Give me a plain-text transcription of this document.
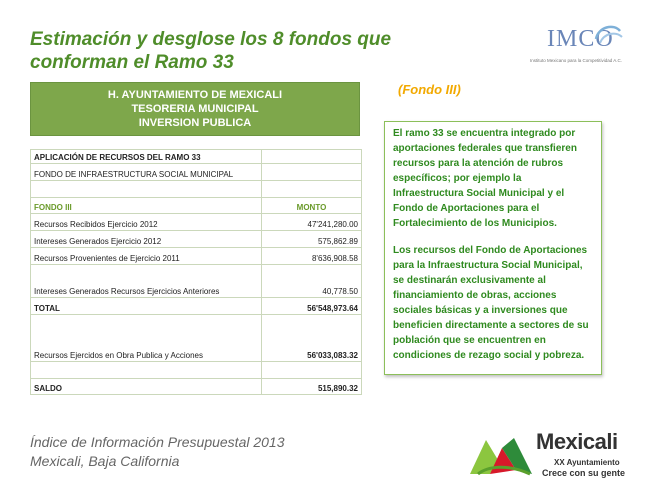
Estimación y desglose los 8 fondos que conforman el Ramo 33
IMCO
Instituto Mexicano para la Competitividad A.C.
H. AYUNTAMIENTO DE MEXICALI
TESORERIA MUNICIPAL
INVERSION PUBLICA
(Fondo III)
APLICACIÓN DE RECURSOS DEL RAMO 33	
FONDO DE INFRAESTRUCTURA SOCIAL MUNICIPAL	

FONDO III	MONTO
Recursos Recibidos Ejercicio 2012	47'241,280.00
Intereses Generados Ejercicio 2012	575,862.89
Recursos Provenientes de Ejercicio 2011	8'636,908.58
Intereses Generados Recursos Ejercicios Anteriores	40,778.50
TOTAL	56'548,973.64
Recursos Ejercidos en Obra Publica y Acciones	56'033,083.32

SALDO	515,890.32

El ramo 33 se encuentra integrado por aportaciones federales que transfieren recursos para la atención de rubros específicos; por ejemplo la Infraestructura Social Municipal y el Fondo de Aportaciones para el Fortalecimiento de los Municipios.

Los recursos del Fondo de Aportaciones para la Infraestructura Social Municipal, se destinarán exclusivamente al financiamiento de obras, acciones sociales básicas y a inversiones que beneficien directamente a sectores de su población que se encuentren en condiciones de rezago social y pobreza.

Índice de Información Presupuestal 2013
Mexicali, Baja California
Mexicali
XX Ayuntamiento
Crece con su gente
